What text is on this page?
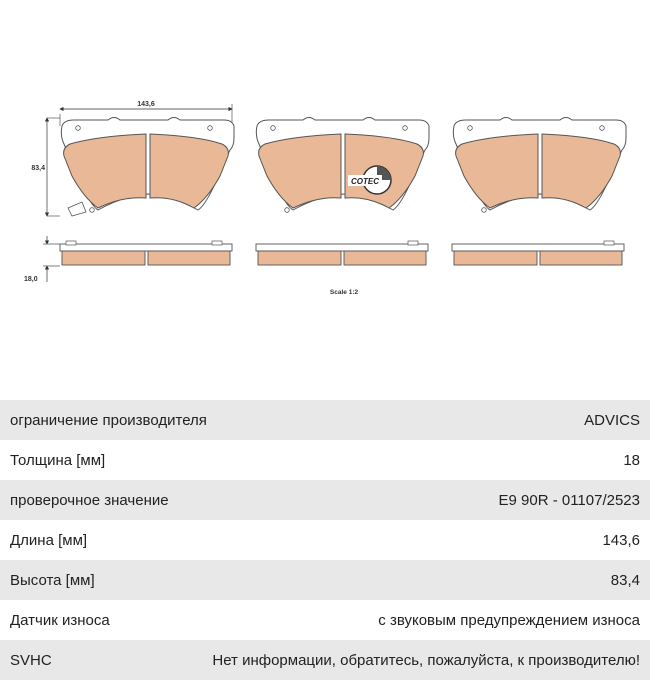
143,6
83,4
18,0
COTEC
Scale 1:2
ограничение производителя	ADVICS
Толщина [мм]	18
проверочное значение	E9 90R - 01107/2523
Длина [мм]	143,6
Высота [мм]	83,4
Датчик износа	с звуковым предупреждением износа
SVHC	Нет информации, обратитесь, пожалуйста, к производителю!
